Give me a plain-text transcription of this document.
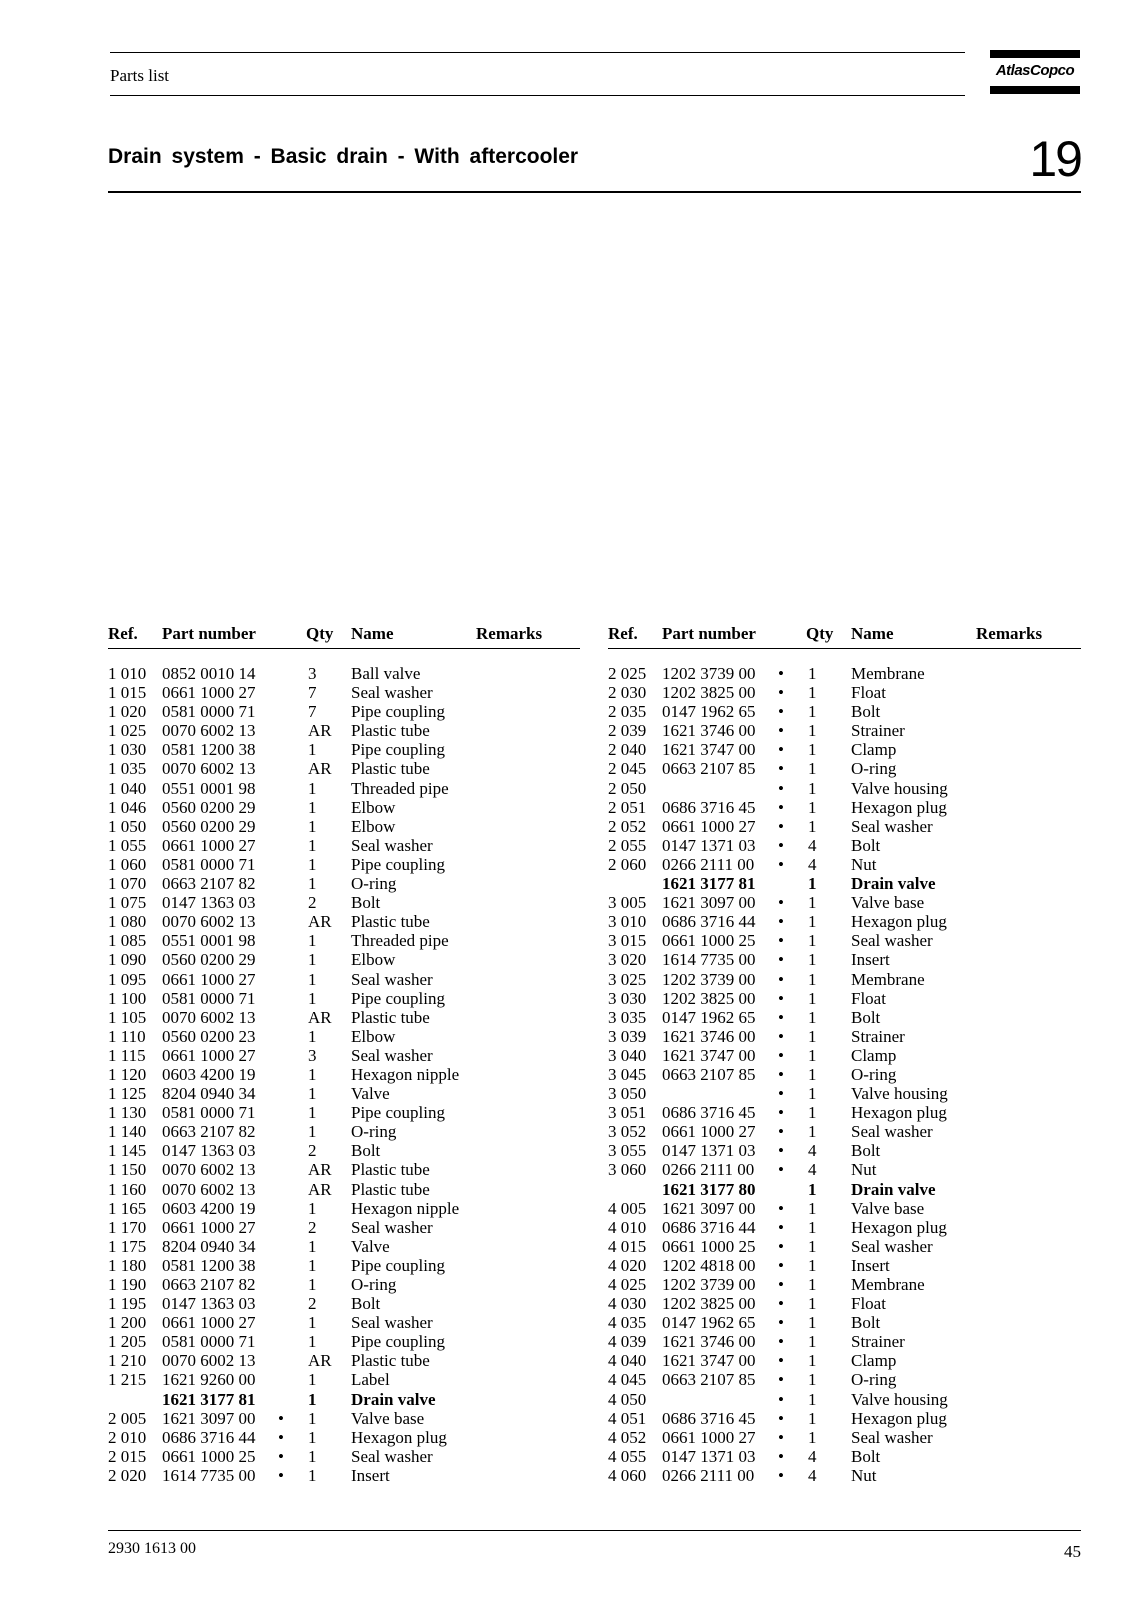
Parts list	AtlasCopco
Drain system - Basic drain - With aftercooler	19
Ref. Part number	Qty Name	Remarks
1 010 0852 0010 14	3 Ball valve
1 015 0661 1000 27	7 Seal washer
1 020 0581 0000 71	7 Pipe coupling
1 025 0070 6002 13	AR Plastic tube
1 030 0581 1200 38	1 Pipe coupling
1 035 0070 6002 13	AR Plastic tube
1 040 0551 0001 98	1 Threaded pipe
1 046 0560 0200 29	1 Elbow
1 050 0560 0200 29	1 Elbow
1 055 0661 1000 27	1 Seal washer
1 060 0581 0000 71	1 Pipe coupling
1 070 0663 2107 82	1 O-ring
1 075 0147 1363 03	2 Bolt
1 080 0070 6002 13	AR Plastic tube
1 085 0551 0001 98	1 Threaded pipe
1 090 0560 0200 29	1 Elbow
1 095 0661 1000 27	1 Seal washer
1 100 0581 0000 71	1 Pipe coupling
1 105 0070 6002 13	AR Plastic tube
1 110 0560 0200 23	1 Elbow
1 115 0661 1000 27	3 Seal washer
1 120 0603 4200 19	1 Hexagon nipple
1 125 8204 0940 34	1 Valve
1 130 0581 0000 71	1 Pipe coupling
1 140 0663 2107 82	1 O-ring
1 145 0147 1363 03	2 Bolt
1 150 0070 6002 13	AR Plastic tube
1 160 0070 6002 13	AR Plastic tube
1 165 0603 4200 19	1 Hexagon nipple
1 170 0661 1000 27	2 Seal washer
1 175 8204 0940 34	1 Valve
1 180 0581 1200 38	1 Pipe coupling
1 190 0663 2107 82	1 O-ring
1 195 0147 1363 03	2 Bolt
1 200 0661 1000 27	1 Seal washer
1 205 0581 0000 71	1 Pipe coupling
1 210 0070 6002 13	AR Plastic tube
1 215 1621 9260 00	1 Label
1621 3177 81	1 Drain valve
2 005 1621 3097 00 • 1 Valve base
2 010 0686 3716 44 • 1 Hexagon plug
2 015 0661 1000 25 • 1 Seal washer
2 020 1614 7735 00 • 1 Insert
Ref. Part number	Qty Name	Remarks
2 025 1202 3739 00 • 1 Membrane
2 030 1202 3825 00 • 1 Float
2 035 0147 1962 65 • 1 Bolt
2 039 1621 3746 00 • 1 Strainer
2 040 1621 3747 00 • 1 Clamp
2 045 0663 2107 85 • 1 O-ring
2 050	• 1 Valve housing
2 051 0686 3716 45 • 1 Hexagon plug
2 052 0661 1000 27 • 1 Seal washer
2 055 0147 1371 03 • 4 Bolt
2 060 0266 2111 00 • 4 Nut
1621 3177 81	1 Drain valve
3 005 1621 3097 00 • 1 Valve base
3 010 0686 3716 44 • 1 Hexagon plug
3 015 0661 1000 25 • 1 Seal washer
3 020 1614 7735 00 • 1 Insert
3 025 1202 3739 00 • 1 Membrane
3 030 1202 3825 00 • 1 Float
3 035 0147 1962 65 • 1 Bolt
3 039 1621 3746 00 • 1 Strainer
3 040 1621 3747 00 • 1 Clamp
3 045 0663 2107 85 • 1 O-ring
3 050	• 1 Valve housing
3 051 0686 3716 45 • 1 Hexagon plug
3 052 0661 1000 27 • 1 Seal washer
3 055 0147 1371 03 • 4 Bolt
3 060 0266 2111 00 • 4 Nut
1621 3177 80	1 Drain valve
4 005 1621 3097 00 • 1 Valve base
4 010 0686 3716 44 • 1 Hexagon plug
4 015 0661 1000 25 • 1 Seal washer
4 020 1202 4818 00 • 1 Insert
4 025 1202 3739 00 • 1 Membrane
4 030 1202 3825 00 • 1 Float
4 035 0147 1962 65 • 1 Bolt
4 039 1621 3746 00 • 1 Strainer
4 040 1621 3747 00 • 1 Clamp
4 045 0663 2107 85 • 1 O-ring
4 050	• 1 Valve housing
4 051 0686 3716 45 • 1 Hexagon plug
4 052 0661 1000 27 • 1 Seal washer
4 055 0147 1371 03 • 4 Bolt
4 060 0266 2111 00 • 4 Nut
2930 1613 00	45
